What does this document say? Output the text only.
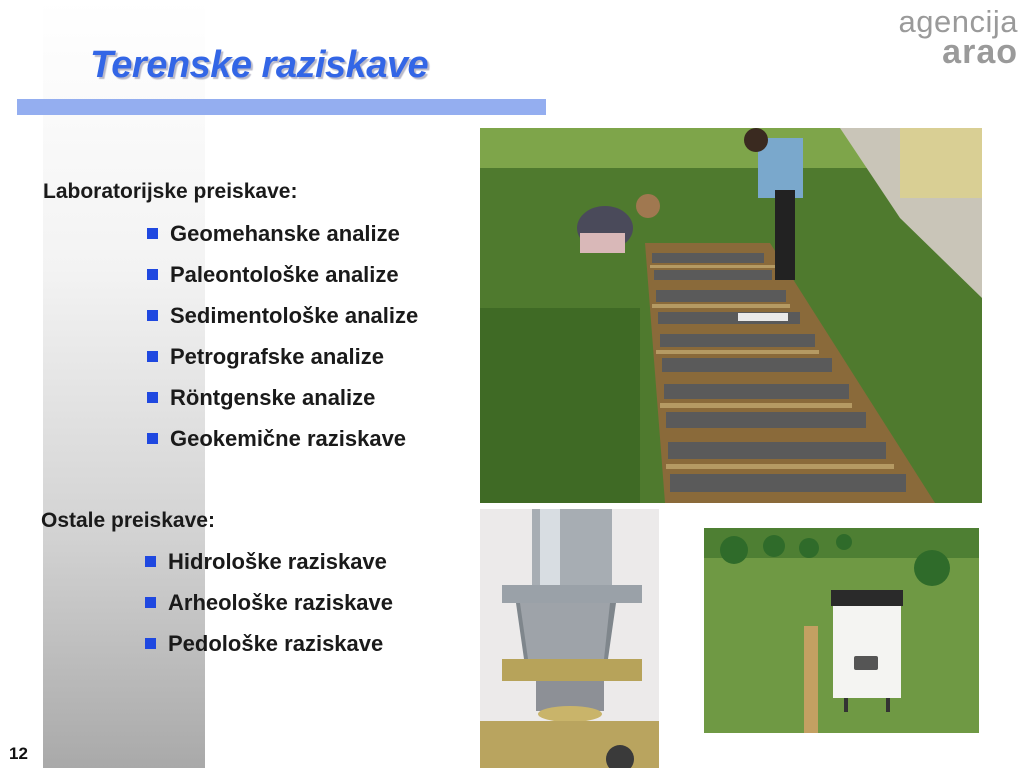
Terenske raziskave
agencija
arao
Laboratorijske preiskave:
Geomehanske analize
Paleontološke analize
Sedimentološke analize
Petrografske analize
Röntgenske analize
Geokemične raziskave
Ostale preiskave:
Hidrološke raziskave
Arheološke raziskave
Pedološke raziskave
12
